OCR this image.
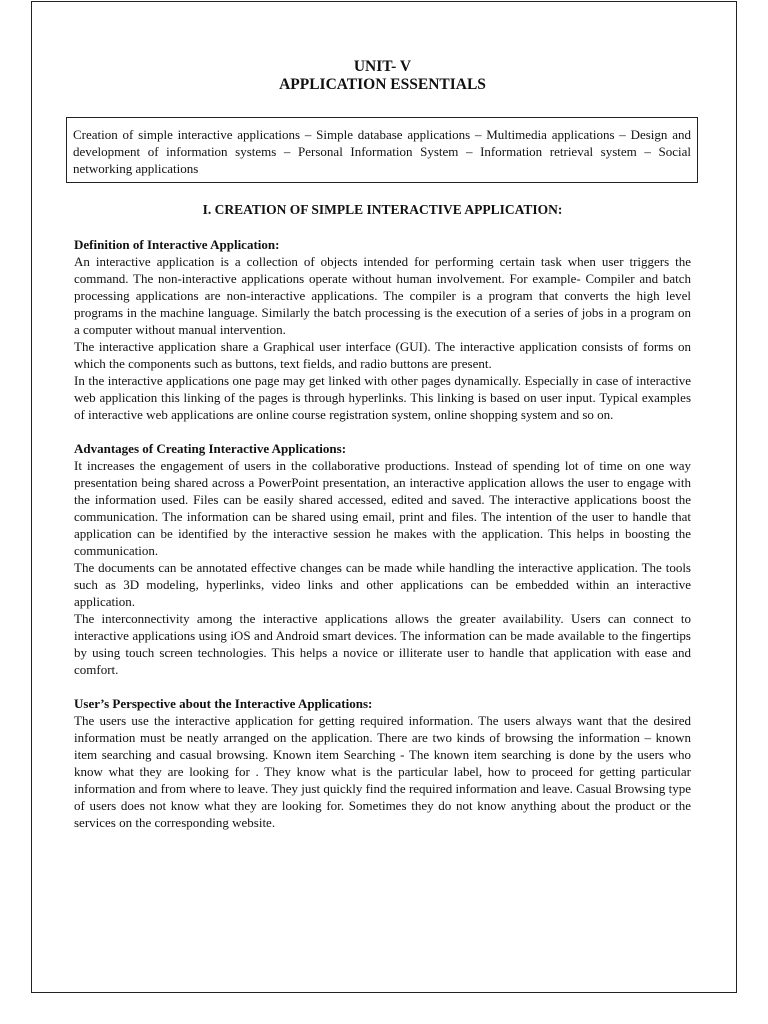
UNIT- V

APPLICATION ESSENTIALS

Creation of simple interactive applications – Simple database applications – Multimedia applications – Design and development of information systems – Personal Information System – Information retrieval system – Social networking applications
I. CREATION OF SIMPLE INTERACTIVE APPLICATION:
Definition of Interactive Application:

An interactive application is a collection of objects intended for performing certain task when user triggers the command. The non-interactive applications operate without human involvement. For example- Compiler and batch processing applications are non-interactive applications. The compiler is a program that converts the high level programs in the machine language. Similarly the batch processing is the execution of a series of jobs in a program on a computer without manual intervention.

The interactive application share a Graphical user interface (GUI). The interactive application consists of forms on which the components such as buttons, text fields, and radio buttons are present.

In the interactive applications one page may get linked with other pages dynamically. Especially in case of interactive web application this linking of the pages is through hyperlinks. This linking is based on user input. Typical examples of interactive web applications are online course registration system, online shopping system and so on.

Advantages of Creating Interactive Applications:

It increases the engagement of users in the collaborative productions. Instead of spending lot of time on one way presentation being shared across a PowerPoint presentation, an interactive application allows the user to engage with the information used. Files can be easily shared accessed, edited and saved. The interactive applications boost the communication. The information can be shared using email, print and files. The intention of the user to handle that application can be identified by the interactive session he makes with the application. This helps in boosting the communication.

The documents can be annotated effective changes can be made while handling the interactive application. The tools such as 3D modeling, hyperlinks, video links and other applications can be embedded within an interactive application.

The interconnectivity among the interactive applications allows the greater availability. Users can connect to interactive applications using iOS and Android smart devices. The information can be made available to the fingertips by using touch screen technologies. This helps a novice or illiterate user to handle that application with ease and comfort.

User’s Perspective about the Interactive Applications:

The users use the interactive application for getting required information. The users always want that the desired information must be neatly arranged on the application. There are two kinds of browsing the information – known item searching and casual browsing. Known item Searching - The known item searching is done by the users who know what they are looking for . They know what is the particular label, how to proceed for getting particular information and from where to leave. They just quickly find the required information and leave. Casual Browsing type of users does not know what they are looking for. Sometimes they do not know anything about the product or the services on the corresponding website.
